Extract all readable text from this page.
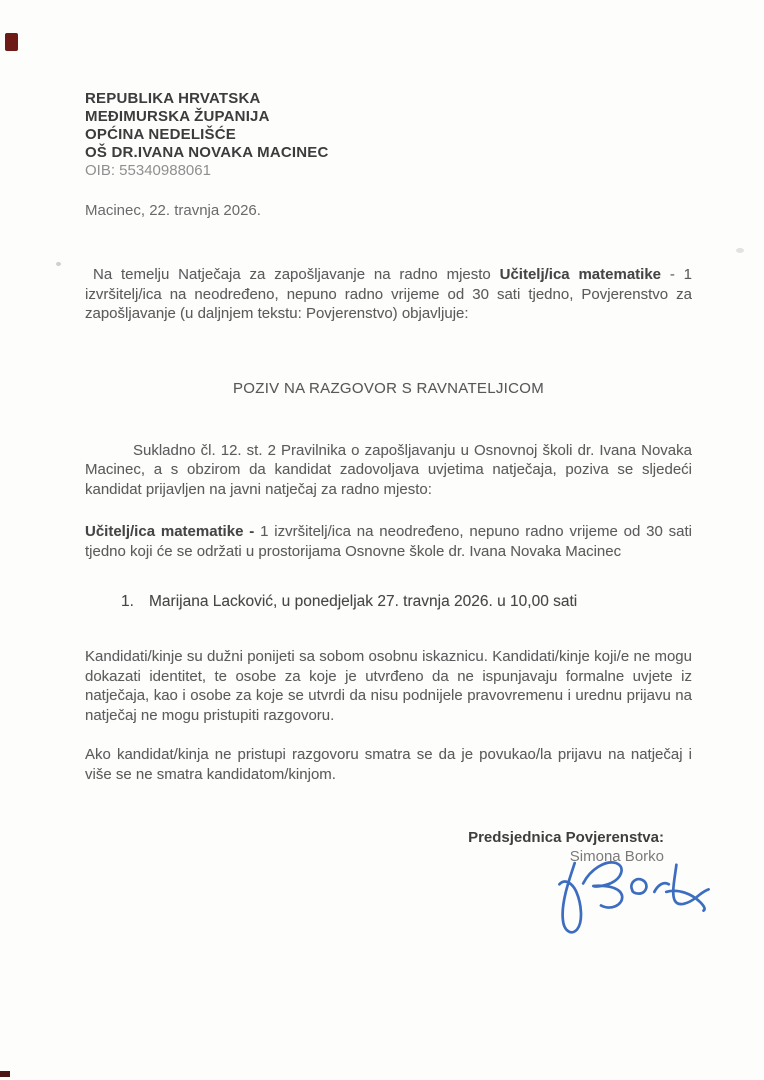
REPUBLIKA HRVATSKA
MEĐIMURSKA ŽUPANIJA
OPĆINA NEDELIŠĆE
OŠ DR.IVANA NOVAKA MACINEC
OIB: 55340988061
Macinec, 22. travnja 2026.

Na temelju Natječaja za zapošljavanje na radno mjesto Učitelj/ica matematike - 1 izvršitelj/ica na neodređeno, nepuno radno vrijeme od 30 sati tjedno, Povjerenstvo za zapošljavanje (u daljnjem tekstu: Povjerenstvo) objavljuje:

POZIV NA RAZGOVOR S RAVNATELJICOM

Sukladno čl. 12. st. 2 Pravilnika o zapošljavanju u Osnovnoj školi dr. Ivana Novaka Macinec, a s obzirom da kandidat zadovoljava uvjetima natječaja, poziva se sljedeći kandidat prijavljen na javni natječaj za radno mjesto:

Učitelj/ica matematike - 1 izvršitelj/ica na neodređeno, nepuno radno vrijeme od 30 sati tjedno koji će se održati u prostorijama Osnovne škole dr. Ivana Novaka Macinec

1. Marijana Lacković, u ponedjeljak 27. travnja 2026. u 10,00 sati

Kandidati/kinje su dužni ponijeti sa sobom osobnu iskaznicu. Kandidati/kinje koji/e ne mogu dokazati identitet, te osobe za koje je utvrđeno da ne ispunjavaju formalne uvjete iz natječaja, kao i osobe za koje se utvrdi da nisu podnijele pravovremenu i urednu prijavu na natječaj ne mogu pristupiti razgovoru.

Ako kandidat/kinja ne pristupi razgovoru smatra se da je povukao/la prijavu na natječaj i više se ne smatra kandidatom/kinjom.

Predsjednica Povjerenstva:
Simona Borko
